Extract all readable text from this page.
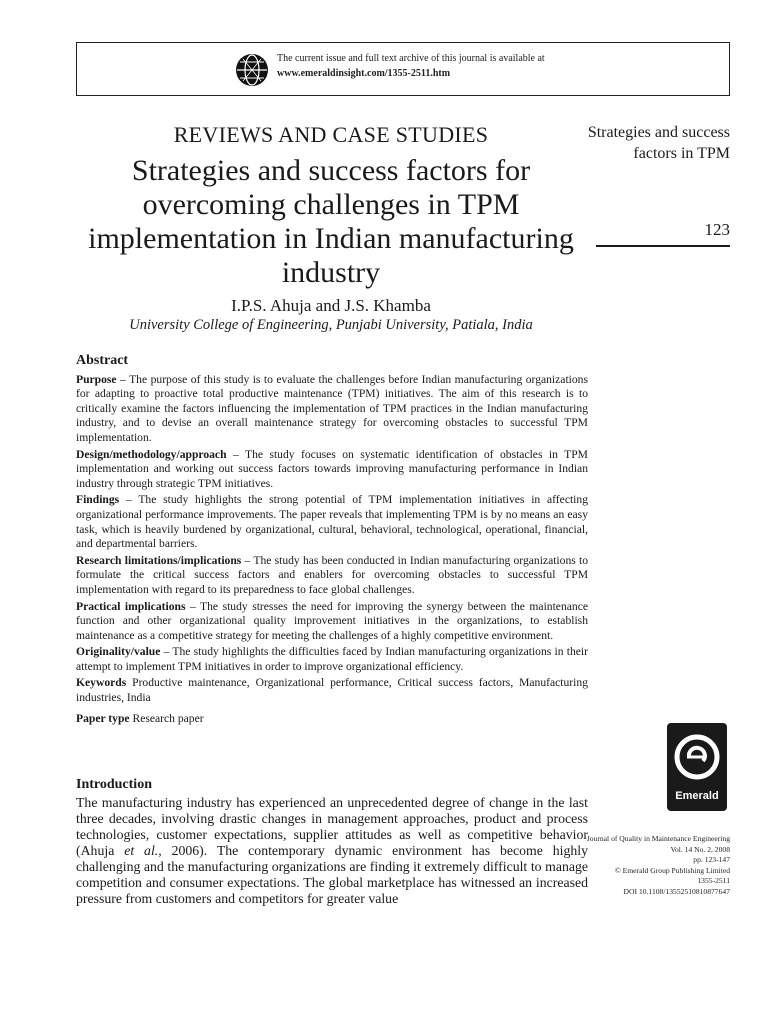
The current issue and full text archive of this journal is available at
www.emeraldinsight.com/1355-2511.htm
REVIEWS AND CASE STUDIES
Strategies and success factors for overcoming challenges in TPM implementation in Indian manufacturing industry
I.P.S. Ahuja and J.S. Khamba
University College of Engineering, Punjabi University, Patiala, India
Strategies and success factors in TPM
123
Abstract

Purpose – The purpose of this study is to evaluate the challenges before Indian manufacturing organizations for adapting to proactive total productive maintenance (TPM) initiatives. The aim of this research is to critically examine the factors influencing the implementation of TPM practices in the Indian manufacturing industry, and to devise an overall maintenance strategy for overcoming obstacles to successful TPM implementation.

Design/methodology/approach – The study focuses on systematic identification of obstacles in TPM implementation and working out success factors towards improving manufacturing performance in Indian industry through strategic TPM initiatives.

Findings – The study highlights the strong potential of TPM implementation initiatives in affecting organizational performance improvements. The paper reveals that implementing TPM is by no means an easy task, which is heavily burdened by organizational, cultural, behavioral, technological, operational, financial, and departmental barriers.

Research limitations/implications – The study has been conducted in Indian manufacturing organizations to formulate the critical success factors and enablers for overcoming obstacles to successful TPM implementation with regard to its preparedness to face global challenges.

Practical implications – The study stresses the need for improving the synergy between the maintenance function and other organizational quality improvement initiatives in the organizations, to establish maintenance as a competitive strategy for meeting the challenges of a highly competitive environment.

Originality/value – The study highlights the difficulties faced by Indian manufacturing organizations in their attempt to implement TPM initiatives in order to improve organizational efficiency.

Keywords Productive maintenance, Organizational performance, Critical success factors, Manufacturing industries, India

Paper type Research paper

Introduction

The manufacturing industry has experienced an unprecedented degree of change in the last three decades, involving drastic changes in management approaches, product and process technologies, customer expectations, supplier attitudes as well as competitive behavior (Ahuja et al., 2006). The contemporary dynamic environment has become highly challenging and the manufacturing organizations are finding it extremely difficult to manage competition and consumer expectations. The global marketplace has witnessed an increased pressure from customers and competitors for greater value

Emerald
Journal of Quality in Maintenance Engineering
Vol. 14 No. 2, 2008
pp. 123-147
© Emerald Group Publishing Limited
1355-2511
DOI 10.1108/13552510810877647
